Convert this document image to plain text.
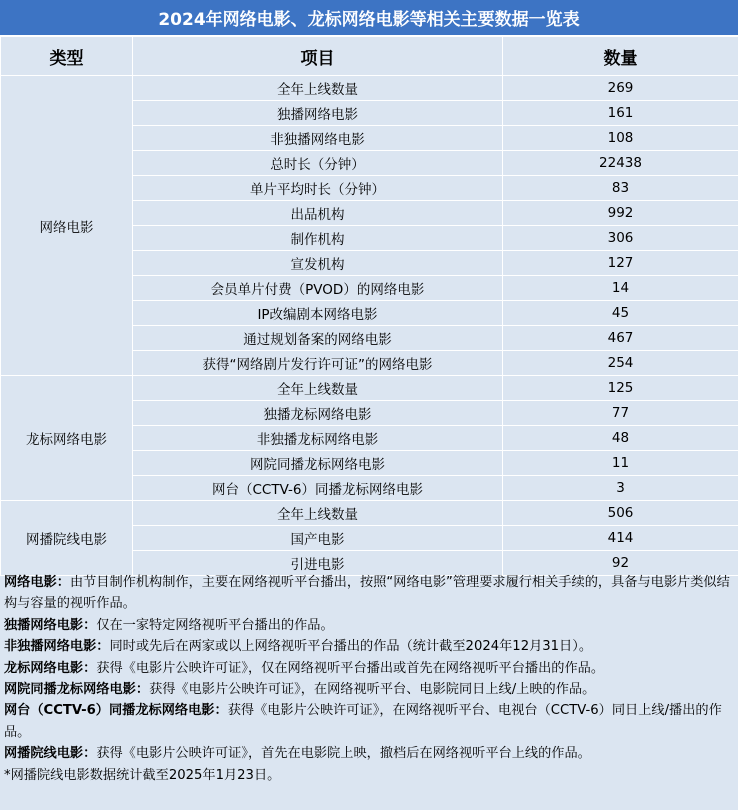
2024年网络电影、龙标网络电影等相关主要数据一览表
类型	项目	数量
网络电影	全年上线数量	269
	独播网络电影	161
	非独播网络电影	108
	总时长（分钟）	22438
	单片平均时长（分钟）	83
	出品机构	992
	制作机构	306
	宣发机构	127
	会员单片付费（PVOD）的网络电影	14
	IP改编剧本网络电影	45
	通过规划备案的网络电影	467
	获得“网络剧片发行许可证”的网络电影	254
龙标网络电影	全年上线数量	125
	独播龙标网络电影	77
	非独播龙标网络电影	48
	网院同播龙标网络电影	11
	网台（CCTV-6）同播龙标网络电影	3
网播院线电影	全年上线数量	506
	国产电影	414
	引进电影	92

网络电影：由节目制作机构制作，主要在网络视听平台播出，按照“网络电影”管理要求履行相关手续的，具备与电影片类似结构与容量的视听作品。

独播网络电影：仅在一家特定网络视听平台播出的作品。

非独播网络电影：同时或先后在两家或以上网络视听平台播出的作品（统计截至2024年12月31日）。

龙标网络电影：获得《电影片公映许可证》，仅在网络视听平台播出或首先在网络视听平台播出的作品。

网院同播龙标网络电影：获得《电影片公映许可证》，在网络视听平台、电影院同日上线/上映的作品。

网台（CCTV-6）同播龙标网络电影：获得《电影片公映许可证》，在网络视听平台、电视台（CCTV-6）同日上线/播出的作品。

网播院线电影：获得《电影片公映许可证》，首先在电影院上映，撤档后在网络视听平台上线的作品。

*网播院线电影数据统计截至2025年1月23日。
